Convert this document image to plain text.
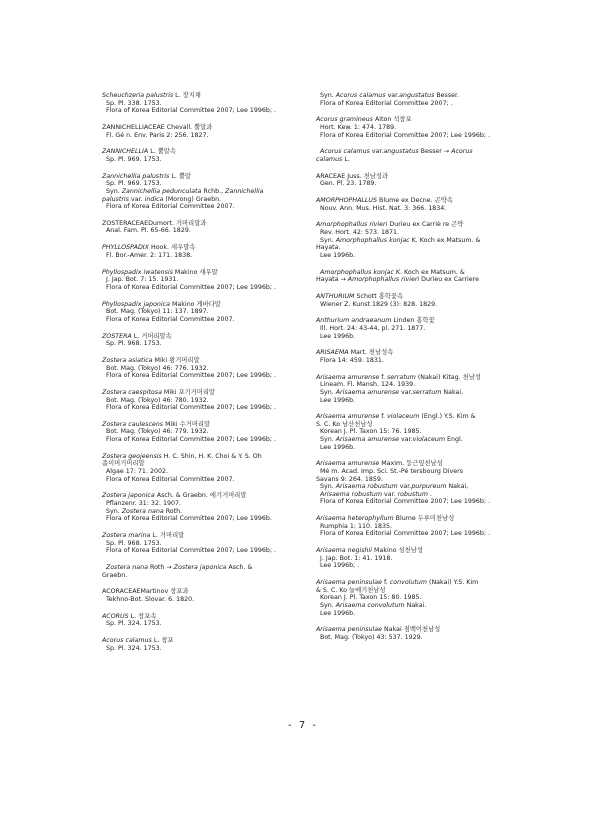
Scheuchzeria palustris L. 장지채
Sp. Pl. 338. 1753.
Flora of Korea Editorial Committee 2007; Lee 1996b; .
ZANNICHELLIACEAE Chevall. 뿔말과
Fl. Gé n. Env. Paris 2: 256. 1827.
ZANNICHELLIA L. 뿔말속
Sp. Pl. 969. 1753.
Zannichellia palustris L. 뿔말
Sp. Pl. 969. 1753.
Syn. Zannichellia pedunculata Rchb., Zannichellia
palustris var. indica (Morong) Graebn.
Flora of Korea Editorial Committee 2007.
ZOSTERACEAEDumort. 거머리말과
Anal. Fam. Pl. 65-66. 1829.
PHYLLOSPADIX Hook. 새우말속
Fl. Bor.-Amer. 2: 171. 1838.
Phyllospadix iwatensis Makino 새우말
J. Jap. Bot. 7: 15. 1931.
Flora of Korea Editorial Committee 2007; Lee 1996b; .
Phyllospadix japonica Makino 게바다말
Bot. Mag. (Tokyo) 11: 137. 1897.
Flora of Korea Editorial Committee 2007.
ZOSTERA L. 거머리말속
Sp. Pl. 968. 1753.
Zostera asiatica Miki 왕거머리말
Bot. Mag. (Tokyo) 46: 776. 1932.
Flora of Korea Editorial Committee 2007; Lee 1996b; .
Zostera caespitosa Miki 포기거머리말
Bot. Mag. (Tokyo) 46: 780. 1932.
Flora of Korea Editorial Committee 2007; Lee 1996b; .
Zostera caulescens Miki 수거머리말
Bot. Mag. (Tokyo) 46: 779. 1932.
Flora of Korea Editorial Committee 2007; Lee 1996b; .
Zostera geojeensis H. C. Shin, H. K. Choi & Y. S. Oh
좁이머거머리말
Algae 17: 71. 2002.
Flora of Korea Editorial Committee 2007.
Zostera japonica Asch. & Graebn. 애기거머리말
Pflanzenr. 31: 32. 1907.
Syn. Zostera nana Roth.
Flora of Korea Editorial Committee 2007; Lee 1996b.
Zostera marina L. 거머리말
Sp. Pl. 968. 1753.
Flora of Korea Editorial Committee 2007; Lee 1996b; .
Zostera nana Roth → Zostera japonica Asch. &
Graebn.
ACORACEAEMartinov 창포과
Tekhno-Bot. Slovar. 6. 1820.
ACORUS L. 창포속
Sp. Pl. 324. 1753.
Acorus calamus L. 창포
Sp. Pl. 324. 1753.
Syn. Acorus calamus var.angustatus Besser.
Flora of Korea Editorial Committee 2007; .
Acorus gramineus Aiton 석창포
Hort. Kew. 1: 474. 1789.
Flora of Korea Editorial Committee 2007; Lee 1996b; .
Acorus calamus var.angustatus Besser → Acorus
calamus L.
ARACEAE Juss. 천남성과
Gen. Pl. 23. 1789.
AMORPHOPHALLUS Blume ex Decne. 곤약속
Nouv. Ann. Mus. Hist. Nat. 3: 366. 1834.
Amorphophallus rivieri Durieu ex Carriè re 곤약
Rev. Hort. 42: 573. 1871.
Syn. Amorphophallus konjac K. Koch ex Matsum. &
Hayata.
Lee 1996b.
Amorphophallus konjac K. Koch ex Matsum. &
Hayata → Amorphophallus rivieri Durieu ex Carriere
ANTHURIUM Schott 홍학꽃속
Wiener Z. Kunst 1829 (3): 828. 1829.
Anthurium andraeanum Linden 홍학꽃
Ill. Hort. 24: 43-44, pl. 271. 1877.
Lee 1996b.
ARISAEMA Mart. 천남성속
Flora 14: 459. 1831.
Arisaema amurense f. serratum (Nakai) Kitag. 천남성
Lineam. Fl. Mansh. 124. 1939.
Syn. Arisaema amurense var.serratum Nakai.
Lee 1996b.
Arisaema amurense f. violaceum (Engl.) Y.S. Kim &
S. C. Ko 남산천남성
Korean J. Pl. Taxon 15: 76. 1985.
Syn. Arisaema amurense var.violaceum Engl.
Lee 1996b.
Arisaema amurense Maxim. 둥근잎천남성
Mé m. Acad. Imp. Sci. St.-Pé tersbourg Divers
Savans 9: 264. 1859.
Syn. Arisaema robustum var.purpureum Nakai,
Arisaema robustum var. robustum .
Flora of Korea Editorial Committee 2007; Lee 1996b; .
Arisaema heterophyllum Blume 두루미천남성
Rumphia 1: 110. 1835.
Flora of Korea Editorial Committee 2007; Lee 1996b; .
Arisaema negishii Makino 섬천남성
J. Jap. Bot. 1: 41. 1918.
Lee 1996b; .
Arisaema peninsulae f. convolutum (Nakai) Y.S. Kim
& S. C. Ko 눌메기천남성
Korean J. Pl. Taxon 15: 80. 1985.
Syn. Arisaema convolutum Nakai.
Lee 1996b.
Arisaema peninsulae Nakai 점백이천남성
Bot. Mag. (Tokyo) 43: 537. 1929.
- 7 -
